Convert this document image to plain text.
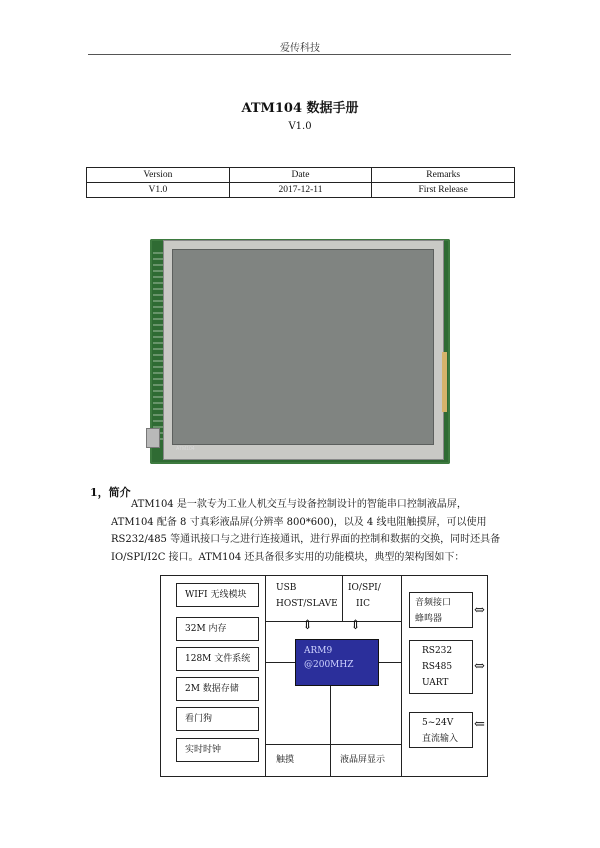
爱传科技
ATM104 数据手册
V1.0
Version	Date	Remarks
V1.0	2017-12-11	First Release
ATM104
1，简介
ATM104 是一款专为工业人机交互与设备控制设计的智能串口控制液晶屏，
ATM104 配备 8 寸真彩液晶屏(分辨率 800*600)，以及 4 线电阻触摸屏，可以使用
RS232/485 等通讯接口与之进行连接通讯，进行界面的控制和数据的交换，同时还具备
IO/SPI/I2C 接口。ATM104 还具备很多实用的功能模块，典型的架构图如下：
⇕	⇕
WIFI 无线模块
32M 内存
128M 文件系统
2M 数据存储
看门狗
实时时钟
USB
HOST/SLAVE
IO/SPI/
IIC
ARM9
@200MHZ
触摸	液晶屏显示
音频接口
蜂鸣器
RS232
RS485
UART
5~24V
直流输入
⇔
⇔
⇐
